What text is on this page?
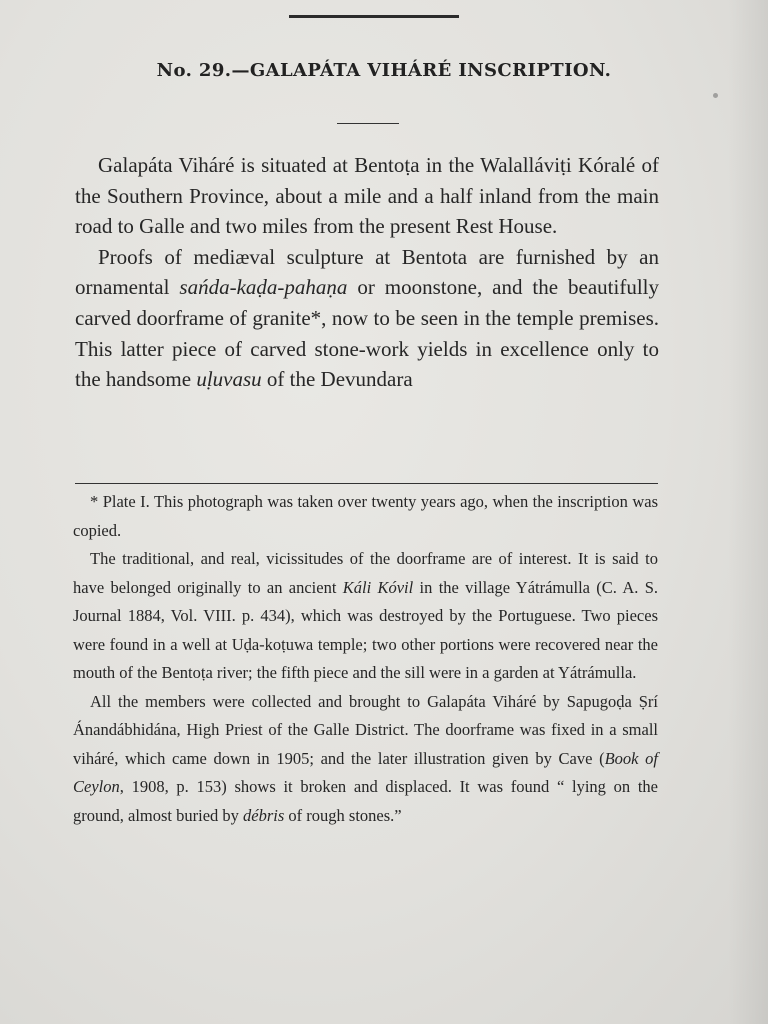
No. 29.—GALAPÁTA VIHÁRÉ INSCRIPTION.

Galapáta Viháré is situated at Bentoṭa in the Walalláviṭi Kóralé of the Southern Province, about a mile and a half inland from the main road to Galle and two miles from the present Rest House.

Proofs of mediæval sculpture at Bentota are furnished by an ornamental sańda-kaḍa-pahaṇa or moonstone, and the beautifully carved doorframe of granite*, now to be seen in the temple premises. This latter piece of carved stone-work yields in excellence only to the handsome uḷuvasu of the Devundara

* Plate I. This photograph was taken over twenty years ago, when the inscription was copied.

The traditional, and real, vicissitudes of the doorframe are of interest. It is said to have belonged originally to an ancient Káli Kóvil in the village Yátrámulla (C. A. S. Journal 1884, Vol. VIII. p. 434), which was destroyed by the Portuguese. Two pieces were found in a well at Uḍa-koṭuwa temple; two other portions were recovered near the mouth of the Bentoṭa river; the fifth piece and the sill were in a garden at Yátrámulla.

All the members were collected and brought to Galapáta Viháré by Sapugoḍa Ṣrí Ánandábhidána, High Priest of the Galle District. The doorframe was fixed in a small viháré, which came down in 1905; and the later illustration given by Cave (Book of Ceylon, 1908, p. 153) shows it broken and displaced. It was found “ lying on the ground, almost buried by débris of rough stones.”
